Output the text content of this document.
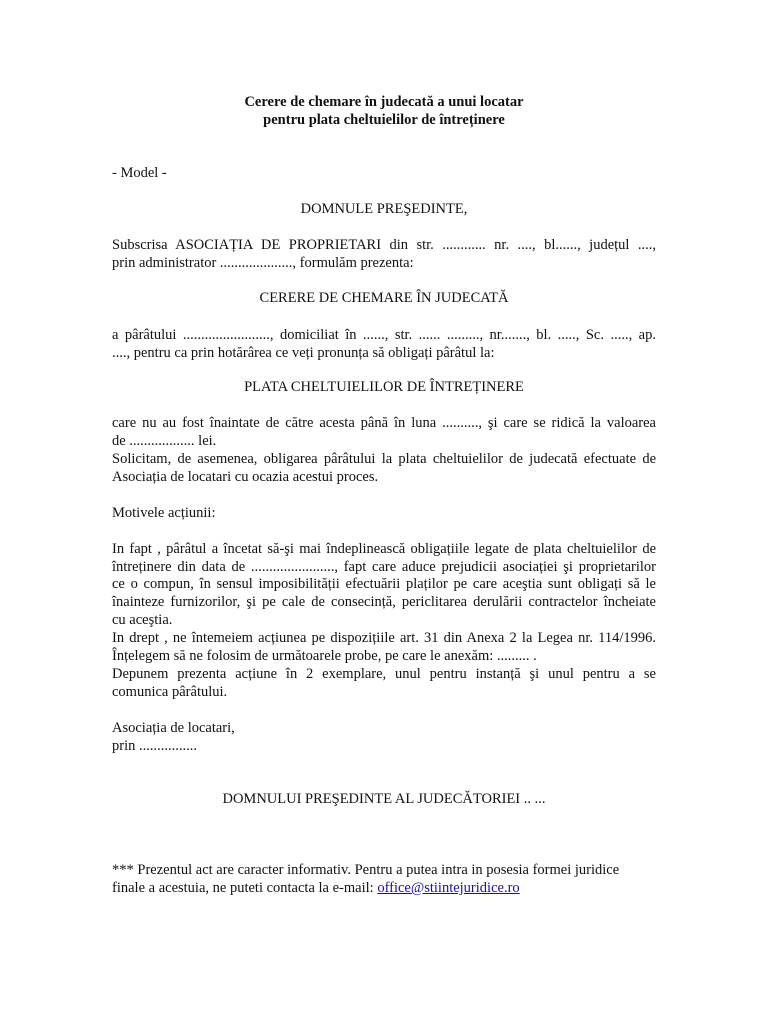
Cerere de chemare în judecată a unui locatar
pentru plata cheltuielilor de întreținere
- Model -
DOMNULE PREŞEDINTE,
Subscrisa ASOCIAȚIA DE PROPRIETARI din str. ............ nr. ...., bl......, județul ....,
prin administrator ...................., formulăm prezenta:
CERERE DE CHEMARE ÎN JUDECATĂ
a pârâtului ........................, domiciliat în ......, str. ...... ........., nr......., bl. ....., Sc. ....., ap.
...., pentru ca prin hotărârea ce veți pronunța să obligați pârâtul la:
PLATA CHELTUIELILOR DE ÎNTREȚINERE
care nu au fost înaintate de către acesta până în luna .........., şi care se ridică la valoarea
de .................. lei.
Solicitam, de asemenea, obligarea pârâtului la plata cheltuielilor de judecată efectuate de
Asociația de locatari cu ocazia acestui proces.
Motivele acțiunii:
In fapt , pârâtul a încetat să-şi mai îndeplinească obligațiile legate de plata cheltuielilor de
întreținere din data de ......................., fapt care aduce prejudicii asociației şi proprietarilor
ce o compun, în sensul imposibilității efectuării plaților pe care aceştia sunt obligați să le
înainteze furnizorilor, şi pe cale de consecință, periclitarea derulării contractelor încheiate
cu aceştia.
In drept , ne întemeiem acțiunea pe dispozițiile art. 31 din Anexa 2 la Legea nr. 114/1996.
Înțelegem să ne folosim de următoarele probe, pe care le anexăm: ......... .
Depunem prezenta acțiune în 2 exemplare, unul pentru instanță şi unul pentru a se
comunica pârâtului.
Asociația de locatari,
prin ................
DOMNULUI PREŞEDINTE AL JUDECĂTORIEI .. ...
*** Prezentul act are caracter informativ. Pentru a putea intra in posesia formei juridice
finale a acestuia, ne puteti contacta la e-mail: office@stiintejuridice.ro
